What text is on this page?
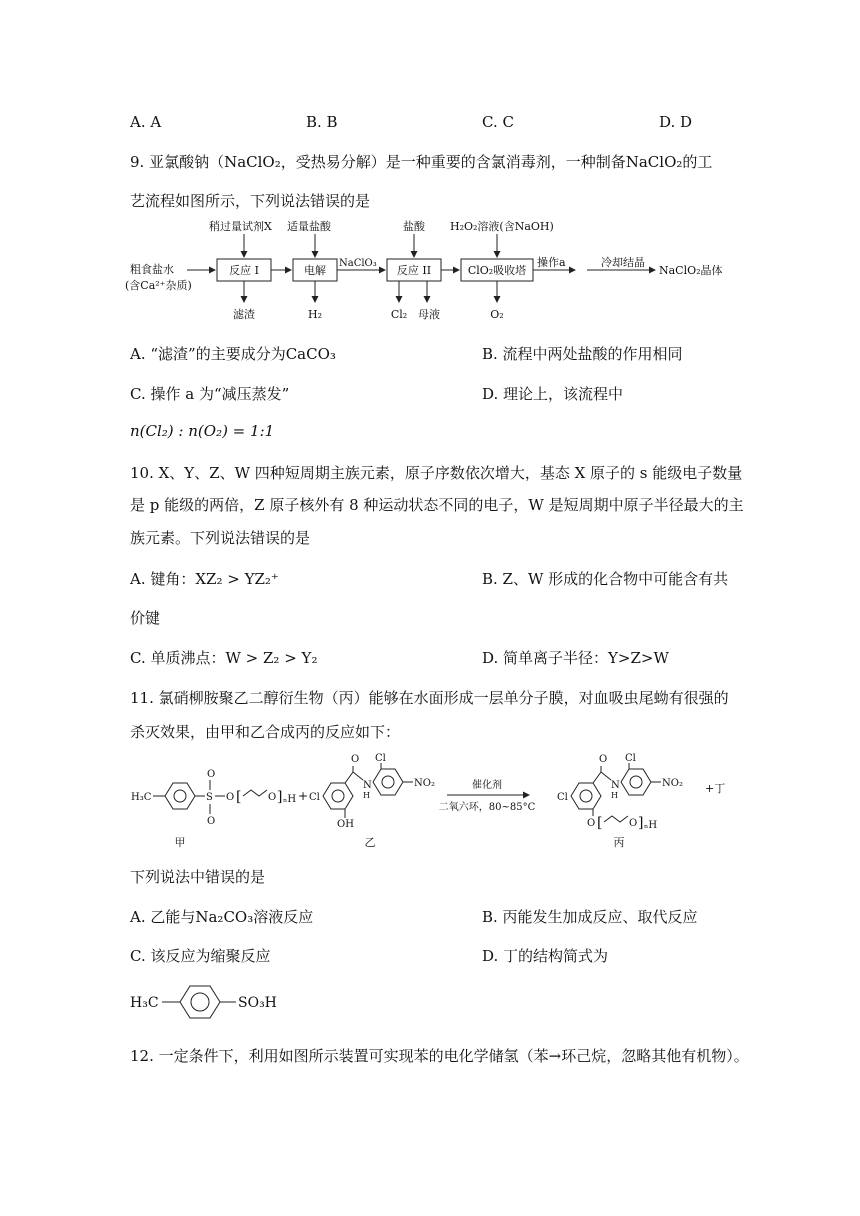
A. A	B. B	C. C	D. D
9. 亚氯酸钠（NaClO₂，受热易分解）是一种重要的含氯消毒剂，一种制备NaClO₂的工
艺流程如图所示，下列说法错误的是
粗食盐水
(含Ca²⁺杂质)
反应 I
稍过量试剂X
滤渣
电解
适量盐酸
H₂
NaClO₃
反应 II
盐酸
Cl₂ 母液
ClO₂吸收塔
H₂O₂溶液(含NaOH)
O₂
操作a	冷却结晶
NaClO₂晶体
A. “滤渣”的主要成分为CaCO₃	B. 流程中两处盐酸的作用相同
C. 操作 a 为“减压蒸发”	D. 理论上，该流程中
n(Cl₂) : n(O₂) = 1:1
10. X、Y、Z、W 四种短周期主族元素，原子序数依次增大，基态 X 原子的 s 能级电子数量
是 p 能级的两倍，Z 原子核外有 8 种运动状态不同的电子，W 是短周期中原子半径最大的主
族元素。下列说法错误的是
A. 键角：XZ₂ > YZ₂⁺	B. Z、W 形成的化合物中可能含有共
价键
C. 单质沸点：W > Z₂ > Y₂	D. 简单离子半径：Y>Z>W
11. 氯硝柳胺聚乙二醇衍生物（丙）能够在水面形成一层单分子膜，对血吸虫尾蚴有很强的
杀灭效果，由甲和乙合成丙的反应如下：
H₃C	S
O
O
O [	O ] ₙH + Cl
O
N
H
OH
Cl
NO₂	催化剂
二氧六环，80~85°C
Cl
O
N
H
Cl
NO₂
O [	O ] ₙH
+丁
甲	乙	丙
下列说法中错误的是
A. 乙能与Na₂CO₃溶液反应	B. 丙能发生加成反应、取代反应
C. 该反应为缩聚反应	D. 丁的结构简式为
H₃C	SO₃H
12. 一定条件下，利用如图所示装置可实现苯的电化学储氢（苯→环己烷，忽略其他有机物）。
